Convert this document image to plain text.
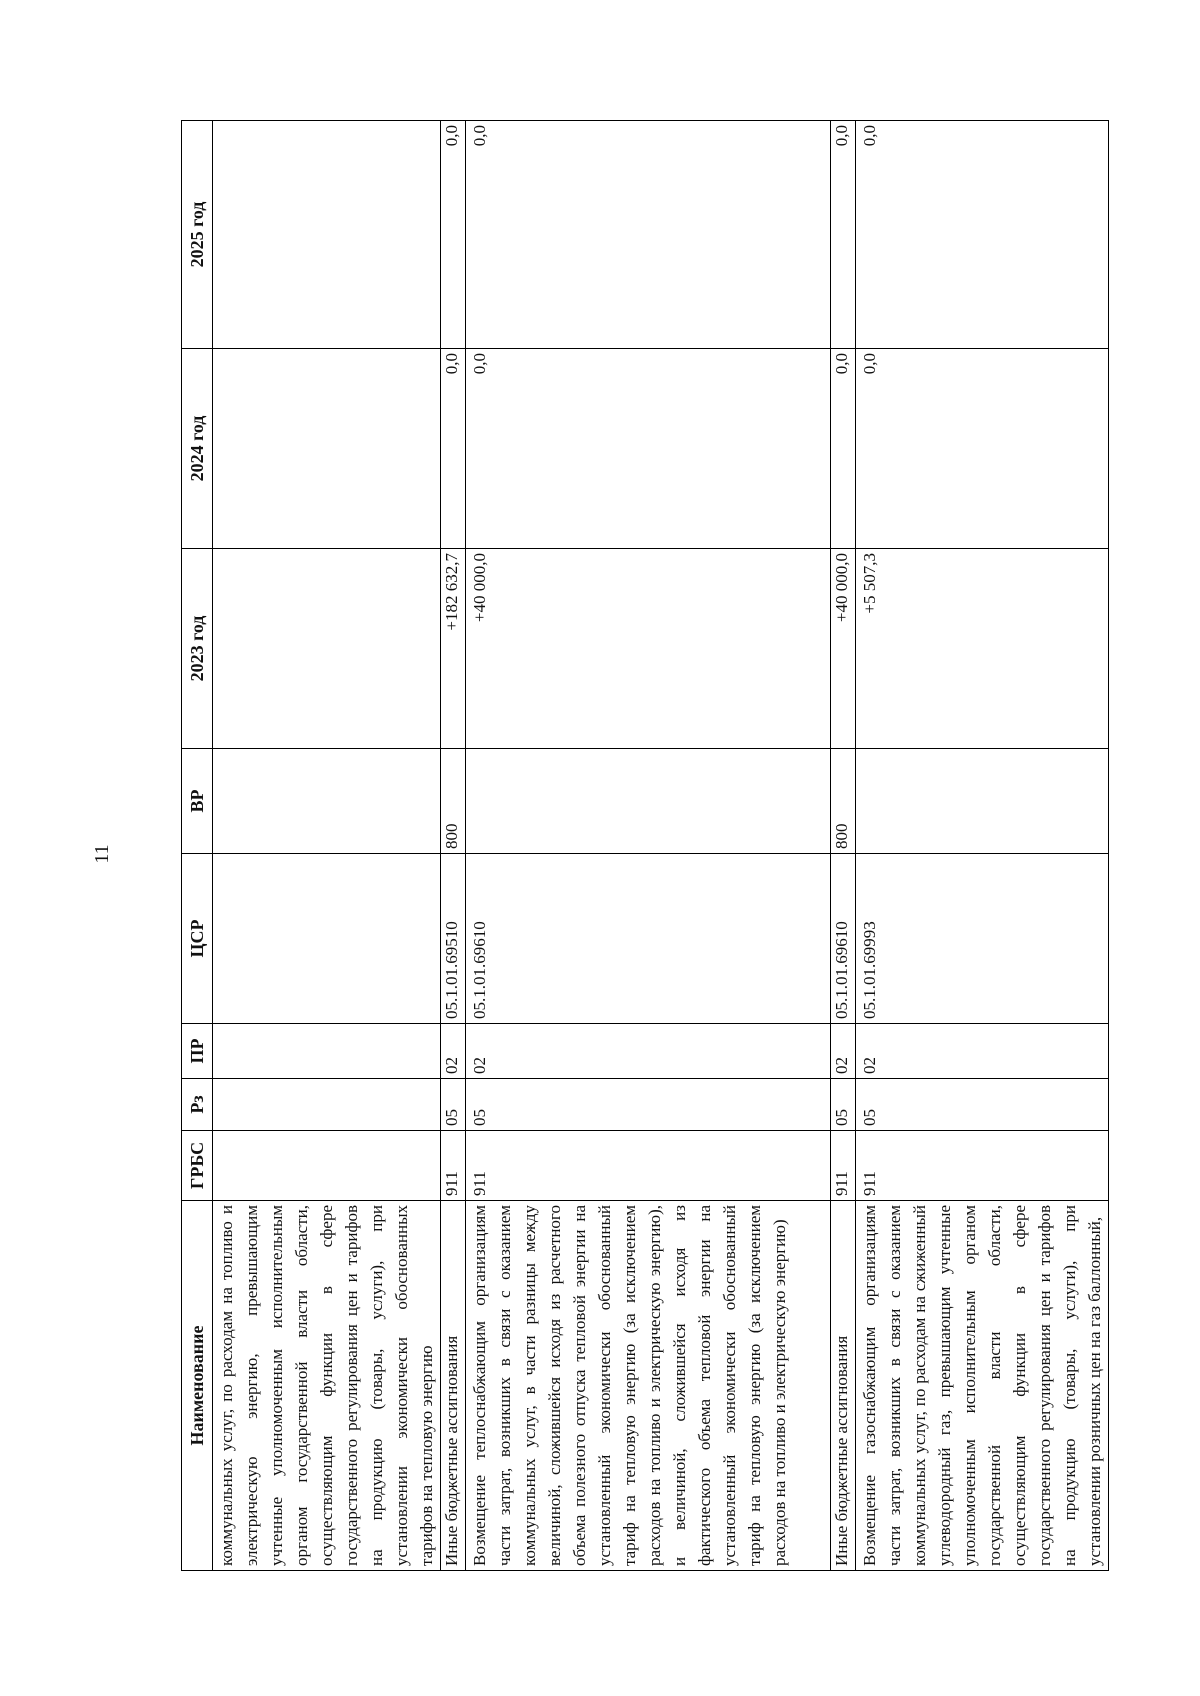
11
Наименование	ГРБС	Рз	ПР	ЦСР	ВР	2023 год	2024 год	2025 год
коммунальных услуг, по расходам на топливо и электрическую энергию, превышающим учтенные уполномоченным исполнительным органом государственной власти области, осуществляющим функции в сфере государственного регулирования цен и тарифов на продукцию (товары, услуги), при установлении экономически обоснованных тарифов на тепловую энергию								
Иные бюджетные ассигнования	911	05	02	05.1.01.69510	800	+182 632,7	0,0	0,0
Возмещение теплоснабжающим организациям части затрат, возникших в связи с оказанием коммунальных услуг, в части разницы между величиной, сложившейся исходя из расчетного объема полезного отпуска тепловой энергии на установленный экономически обоснованный тариф на тепловую энергию (за исключением расходов на топливо и электрическую энергию), и величиной, сложившейся исходя из фактического объема тепловой энергии на установленный экономически обоснованный тариф на тепловую энергию (за исключением расходов на топливо и электрическую энергию)	911	05	02	05.1.01.69610		+40 000,0	0,0	0,0
Иные бюджетные ассигнования	911	05	02	05.1.01.69610	800	+40 000,0	0,0	0,0
Возмещение газоснабжающим организациям части затрат, возникших в связи с оказанием коммунальных услуг, по расходам на сжиженный углеводородный газ, превышающим учтенные уполномоченным исполнительным органом государственной власти области, осуществляющим функции в сфере государственного регулирования цен и тарифов на продукцию (товары, услуги), при установлении розничных цен на газ баллонный,	911	05	02	05.1.01.69993		+5 507,3	0,0	0,0
